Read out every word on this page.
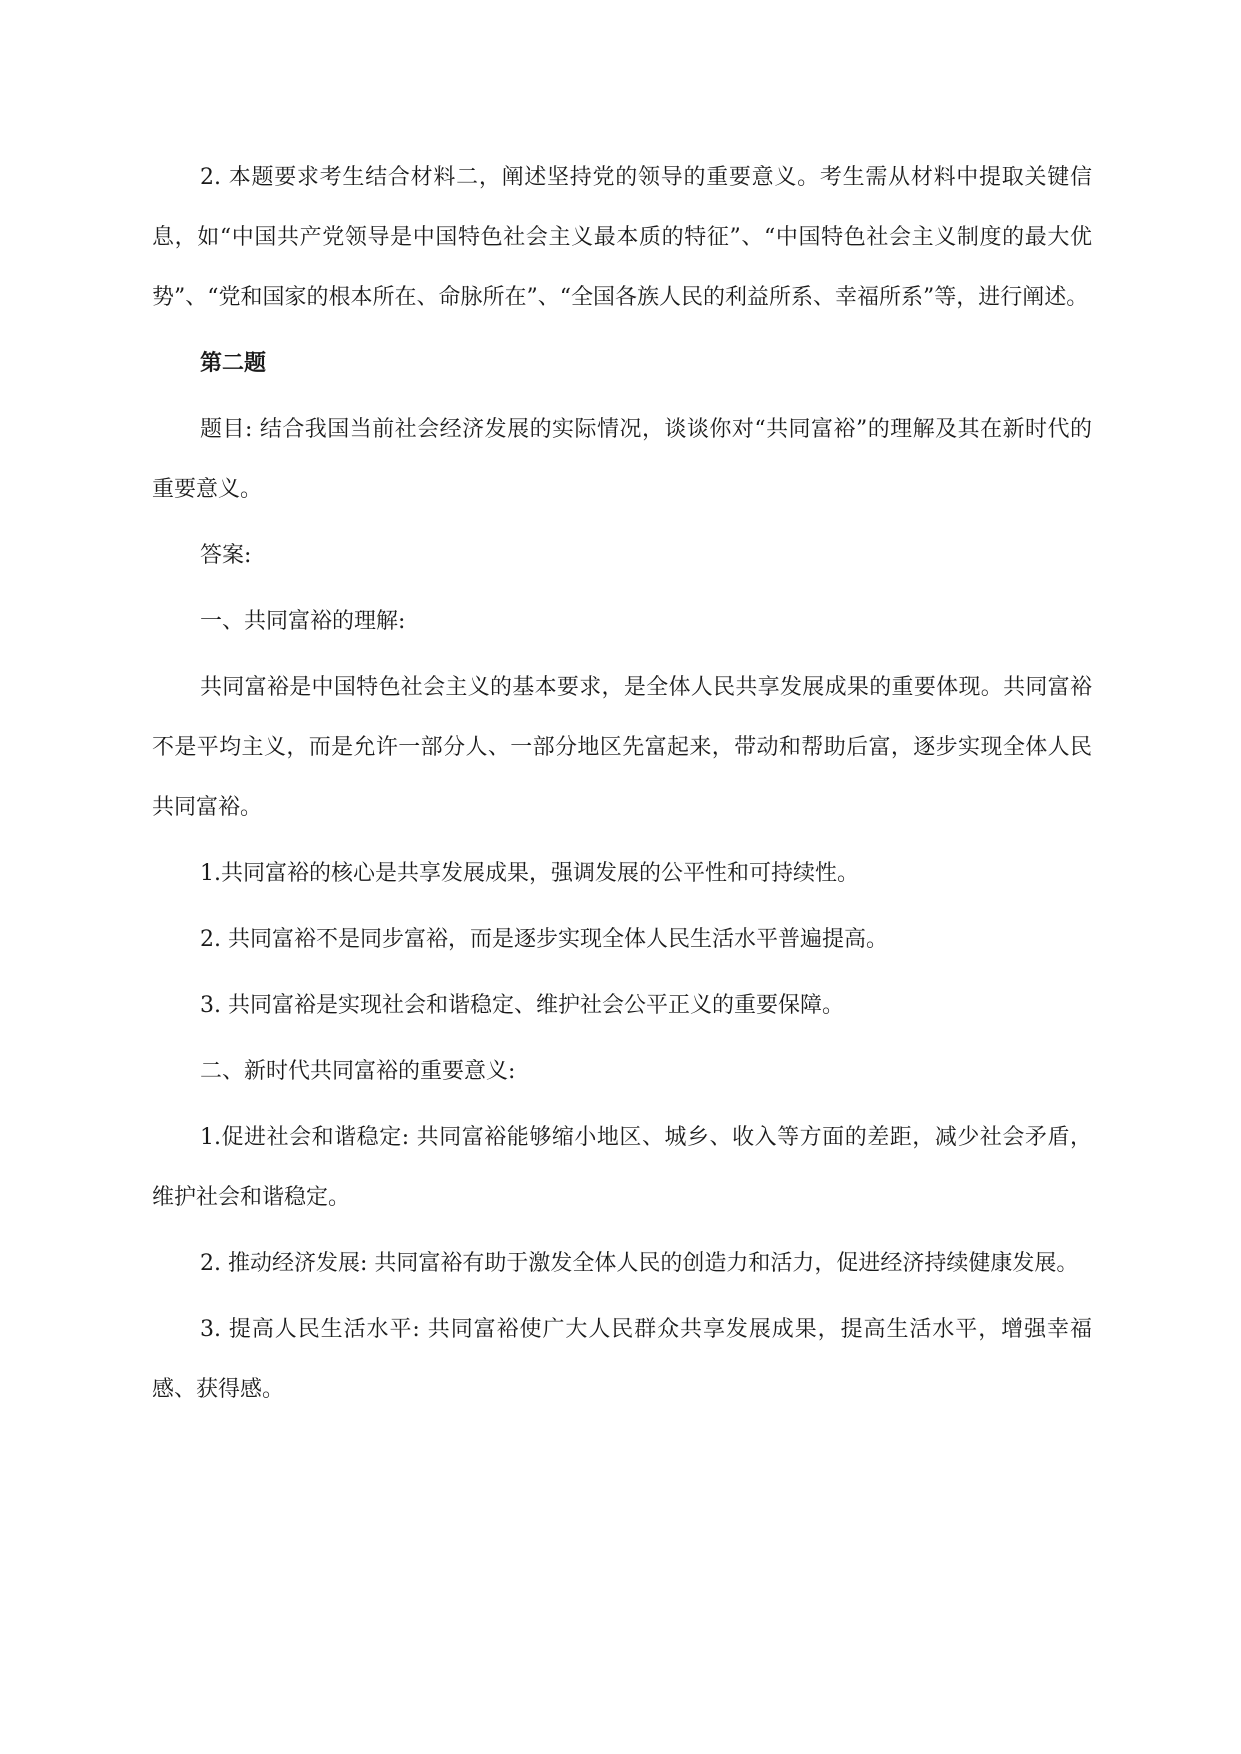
2. 本题要求考生结合材料二，阐述坚持党的领导的重要意义。考生需从材料中提取关键信息，如“中国共产党领导是中国特色社会主义最本质的特征”、“中国特色社会主义制度的最大优势”、“党和国家的根本所在、命脉所在”、“全国各族人民的利益所系、幸福所系”等，进行阐述。

第二题

题目: 结合我国当前社会经济发展的实际情况，谈谈你对“共同富裕”的理解及其在新时代的重要意义。

答案:

一、共同富裕的理解:

共同富裕是中国特色社会主义的基本要求，是全体人民共享发展成果的重要体现。共同富裕不是平均主义，而是允许一部分人、一部分地区先富起来，带动和帮助后富，逐步实现全体人民共同富裕。

1.共同富裕的核心是共享发展成果，强调发展的公平性和可持续性。

2. 共同富裕不是同步富裕，而是逐步实现全体人民生活水平普遍提高。

3. 共同富裕是实现社会和谐稳定、维护社会公平正义的重要保障。

二、新时代共同富裕的重要意义:

1.促进社会和谐稳定: 共同富裕能够缩小地区、城乡、收入等方面的差距，减少社会矛盾，维护社会和谐稳定。

2. 推动经济发展: 共同富裕有助于激发全体人民的创造力和活力，促进经济持续健康发展。

3. 提高人民生活水平: 共同富裕使广大人民群众共享发展成果，提高生活水平，增强幸福感、获得感。
